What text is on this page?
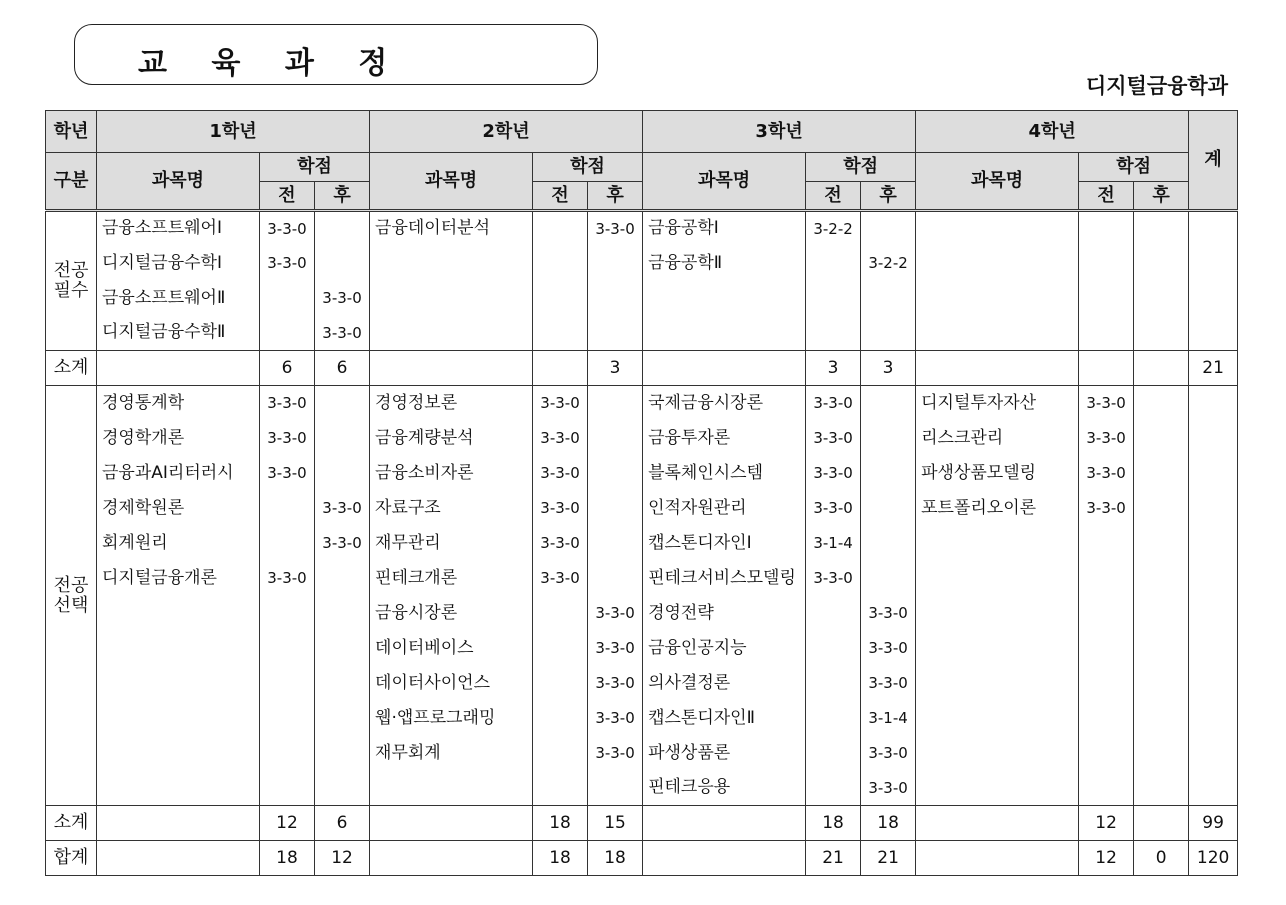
교 육 과 정
디지털금융학과
학년	1학년			2학년			3학년			4학년			계
구분	과목명	학점		과목명	학점		과목명	학점		과목명	학점		
		전	후		전	후		전	후		전	후	

전공
필수	금융소프트웨어Ⅰ	3-3-0		금융데이터분석		3-3-0	금융공학Ⅰ	3-2-2					
	디지털금융수학Ⅰ	3-3-0					금융공학Ⅱ		3-2-2				
	금융소프트웨어Ⅱ		3-3-0										
	디지털금융수학Ⅱ		3-3-0										
소계		6	6			3		3	3				21

전공
선택	경영통계학	3-3-0		경영정보론	3-3-0		국제금융시장론	3-3-0		디지털투자자산	3-3-0		
	경영학개론	3-3-0		금융계량분석	3-3-0		금융투자론	3-3-0		리스크관리	3-3-0		
	금융과AI리터러시	3-3-0		금융소비자론	3-3-0		블록체인시스템	3-3-0		파생상품모델링	3-3-0		
	경제학원론		3-3-0	자료구조	3-3-0		인적자원관리	3-3-0		포트폴리오이론	3-3-0		
	회계원리		3-3-0	재무관리	3-3-0		캡스톤디자인Ⅰ	3-1-4					
	디지털금융개론	3-3-0		핀테크개론	3-3-0		핀테크서비스모델링	3-3-0					
				금융시장론		3-3-0	경영전략		3-3-0				
				데이터베이스		3-3-0	금융인공지능		3-3-0				
				데이터사이언스		3-3-0	의사결정론		3-3-0				
				웹·앱프로그래밍		3-3-0	캡스톤디자인Ⅱ		3-1-4				
				재무회계		3-3-0	파생상품론		3-3-0				
							핀테크응용		3-3-0				
소계		12	6		18	15		18	18		12		99
합계		18	12		18	18		21	21		12	0	120
